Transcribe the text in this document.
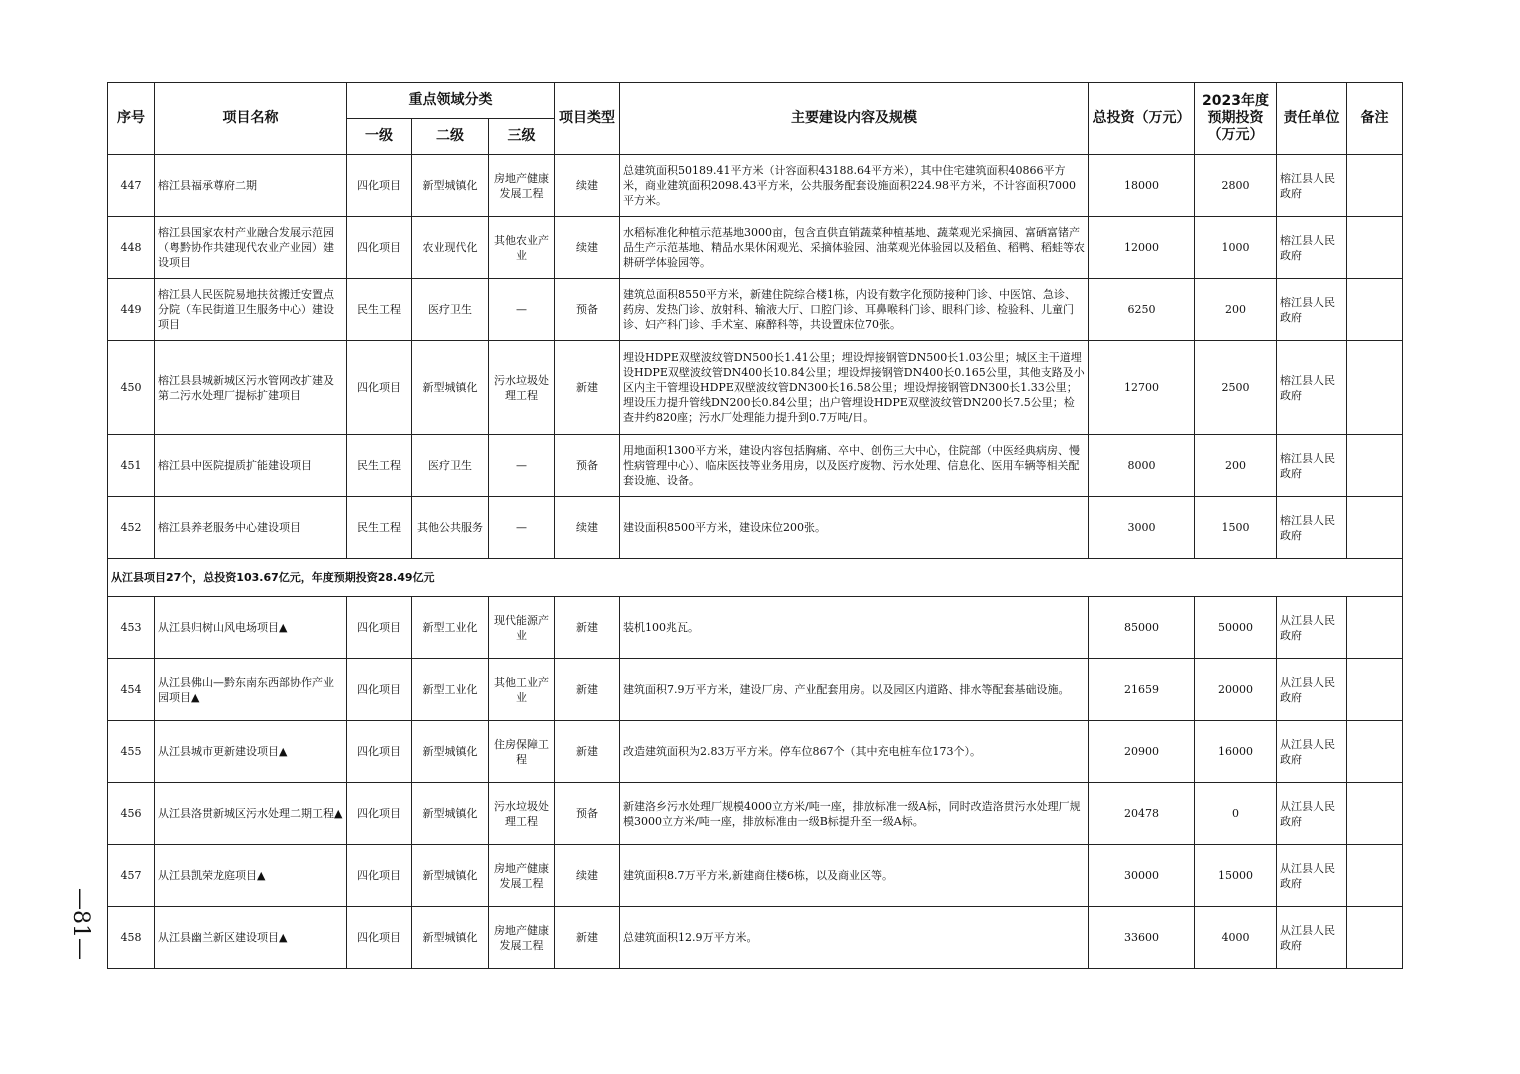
序号	项目名称	重点领域分类			项目类型	主要建设内容及规模	总投资（万元）	2023年度预期投资（万元）	责任单位	备注
		一级	二级	三级						
447	榕江县福承尊府二期	四化项目	新型城镇化	房地产健康发展工程	续建	总建筑面积50189.41平方米（计容面积43188.64平方米），其中住宅建筑面积40866平方米，商业建筑面积2098.43平方米，公共服务配套设施面积224.98平方米，不计容面积7000平方米。	18000	2800	榕江县人民政府	
448	榕江县国家农村产业融合发展示范园（粤黔协作共建现代农业产业园）建设项目	四化项目	农业现代化	其他农业产业	续建	水稻标准化种植示范基地3000亩，包含直供直销蔬菜种植基地、蔬菜观光采摘园、富硒富锗产品生产示范基地、精品水果休闲观光、采摘体验园、油菜观光体验园以及稻鱼、稻鸭、稻蛙等农耕研学体验园等。	12000	1000	榕江县人民政府	
449	榕江县人民医院易地扶贫搬迁安置点分院（车民街道卫生服务中心）建设项目	民生工程	医疗卫生	—	预备	建筑总面积8550平方米，新建住院综合楼1栋，内设有数字化预防接种门诊、中医馆、急诊、药房、发热门诊、放射科、输液大厅、口腔门诊、耳鼻喉科门诊、眼科门诊、检验科、儿童门诊、妇产科门诊、手术室、麻醉科等，共设置床位70张。	6250	200	榕江县人民政府	
450	榕江县县城新城区污水管网改扩建及第二污水处理厂提标扩建项目	四化项目	新型城镇化	污水垃圾处理工程	新建	埋设HDPE双壁波纹管DN500长1.41公里；埋设焊接钢管DN500长1.03公里；城区主干道埋设HDPE双壁波纹管DN400长10.84公里；埋设焊接钢管DN400长0.165公里，其他支路及小区内主干管埋设HDPE双壁波纹管DN300长16.58公里；埋设焊接钢管DN300长1.33公里；埋设压力提升管线DN200长0.84公里；出户管埋设HDPE双壁波纹管DN200长7.5公里；检查井约820座；污水厂处理能力提升到0.7万吨/日。	12700	2500	榕江县人民政府	
451	榕江县中医院提质扩能建设项目	民生工程	医疗卫生	—	预备	用地面积1300平方米，建设内容包括胸痛、卒中、创伤三大中心，住院部（中医经典病房、慢性病管理中心）、临床医技等业务用房，以及医疗废物、污水处理、信息化、医用车辆等相关配套设施、设备。	8000	200	榕江县人民政府	
452	榕江县养老服务中心建设项目	民生工程	其他公共服务	—	续建	建设面积8500平方米，建设床位200张。	3000	1500	榕江县人民政府	
从江县项目27个，总投资103.67亿元，年度预期投资28.49亿元										
453	从江县归树山风电场项目▲	四化项目	新型工业化	现代能源产业	新建	装机100兆瓦。	85000	50000	从江县人民政府	
454	从江县佛山—黔东南东西部协作产业园项目▲	四化项目	新型工业化	其他工业产业	新建	建筑面积7.9万平方米，建设厂房、产业配套用房。以及园区内道路、排水等配套基础设施。	21659	20000	从江县人民政府	
455	从江县城市更新建设项目▲	四化项目	新型城镇化	住房保障工程	新建	改造建筑面积为2.83万平方米。停车位867个（其中充电桩车位173个）。	20900	16000	从江县人民政府	
456	从江县洛贯新城区污水处理二期工程▲	四化项目	新型城镇化	污水垃圾处理工程	预备	新建洛乡污水处理厂规模4000立方米/吨一座，排放标准一级A标，同时改造洛贯污水处理厂规模3000立方米/吨一座，排放标准由一级B标提升至一级A标。	20478	0	从江县人民政府	
457	从江县凯荣龙庭项目▲	四化项目	新型城镇化	房地产健康发展工程	续建	建筑面积8.7万平方米,新建商住楼6栋，以及商业区等。	30000	15000	从江县人民政府	
458	从江县幽兰新区建设项目▲	四化项目	新型城镇化	房地产健康发展工程	新建	总建筑面积12.9万平方米。	33600	4000	从江县人民政府	
—81—
